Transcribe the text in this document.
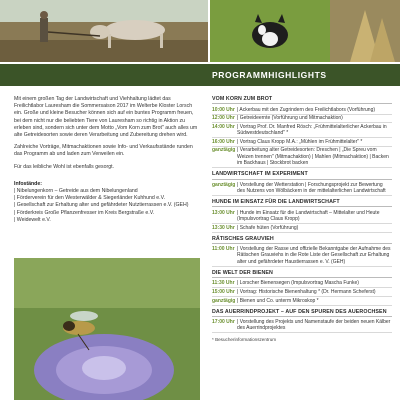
PROGRAMMHIGHLIGHTS

Mit einem großen Tag der Landwirtschaft und Viehhaltung lädtet das Freilichtlabor Lauresham die Sommersaison 2017 im Welterbe Kloster Lorsch ein. Große und kleine Besucher können sich auf ein buntes Programm freuen, bei dem nicht nur die beliebten Tiere von Lauresham so richtig in Aktion zu erleben sind, sondern sich unter dem Motto „Vom Korn zum Brot" auch alles um alte Getreidesorten sowie deren Verarbeitung und Zubereitung drehen wird.

Zahlreiche Vorträge, Mitmachaktionen sowie Info- und Verkaufsstände runden das Programm ab und laden zum Verweilen ein.

Für das leibliche Wohl ist ebenfalls gesorgt.

Infostände:
| Nibelungenkorn – Getreide aus dem Nibelungenland
| Förderverein für den Westerwälder & Siegerländer Kuhhund e.V.
| Gesellschaft zur Erhaltung alter und gefährdeter Nutztierrassen e.V. (GEH)
| Förderkreis Große Pflanzenfresser im Kreis Bergstraße e.V.
| Weidewelt e.V.
VOM KORN ZUM BROT
10:00 Uhr | Ackerbau mit den Zugrindern des Freilichtlabors (Vorführung)
12:00 Uhr | Getreideernte (Vorführung und Mitmachaktion)
14:00 Uhr | Vortrag Prof. Dr. Manfred Rösch: „Frühmittelalterlicher Ackerbau in Südwestdeutschland" *
16:00 Uhr | Vortrag Claus Kropp M.A.: „Mühlen im Frühmittelalter" *
ganztägig | Verarbeitung alter Getreidesorten: Dreschen | „Die Spreu vom Weizen trennen" (Mitmachaktion) | Mahlen (Mitmachaktion) | Backen im Backhaus | Stockbrot backen
LANDWIRTSCHAFT IM EXPERIMENT
ganztägig | Vorstellung der Wetterstation | Forschungsprojekt zur Bewertung des Nutzens von Wölbäckern in der mittelalterlichen Landwirtschaft
HUNDE IM EINSATZ FÜR DIE LANDWIRTSCHAFT
13:00 Uhr | Hunde im Einsatz für die Landwirtschaft – Mittelalter und Heute (Impulsvortrag Claus Kropp)
13:30 Uhr | Schafe hüten (Vorführung)
RÄTISCHES GRAUVIEH
11:00 Uhr | Vorstellung der Rasse und offizielle Bekanntgabe der Aufnahme des Rätischen Grauviehs in die Rote Liste der Gesellschaft zur Erhaltung alter und gefährdeter Haustierrassen e. V. (GEH)
DIE WELT DER BIENEN
11:30 Uhr | Lorscher Bienensegen (Impulsvortrag Mascha Funke)
15:00 Uhr | Vortrag: Historische Bienenhaltung * (Dr. Hermann Scheferst)
ganztägig | Bienen und Co. unterm Mikroskop *
DAS AUERRINDPROJEKT – AUF DEN SPUREN DES AUEROCHSEN
17:00 Uhr | Vorstellung des Projekts und Namenstaufe der beiden neuen Kälber des Auerrindprojektes
* Besucherinformationszentrum
